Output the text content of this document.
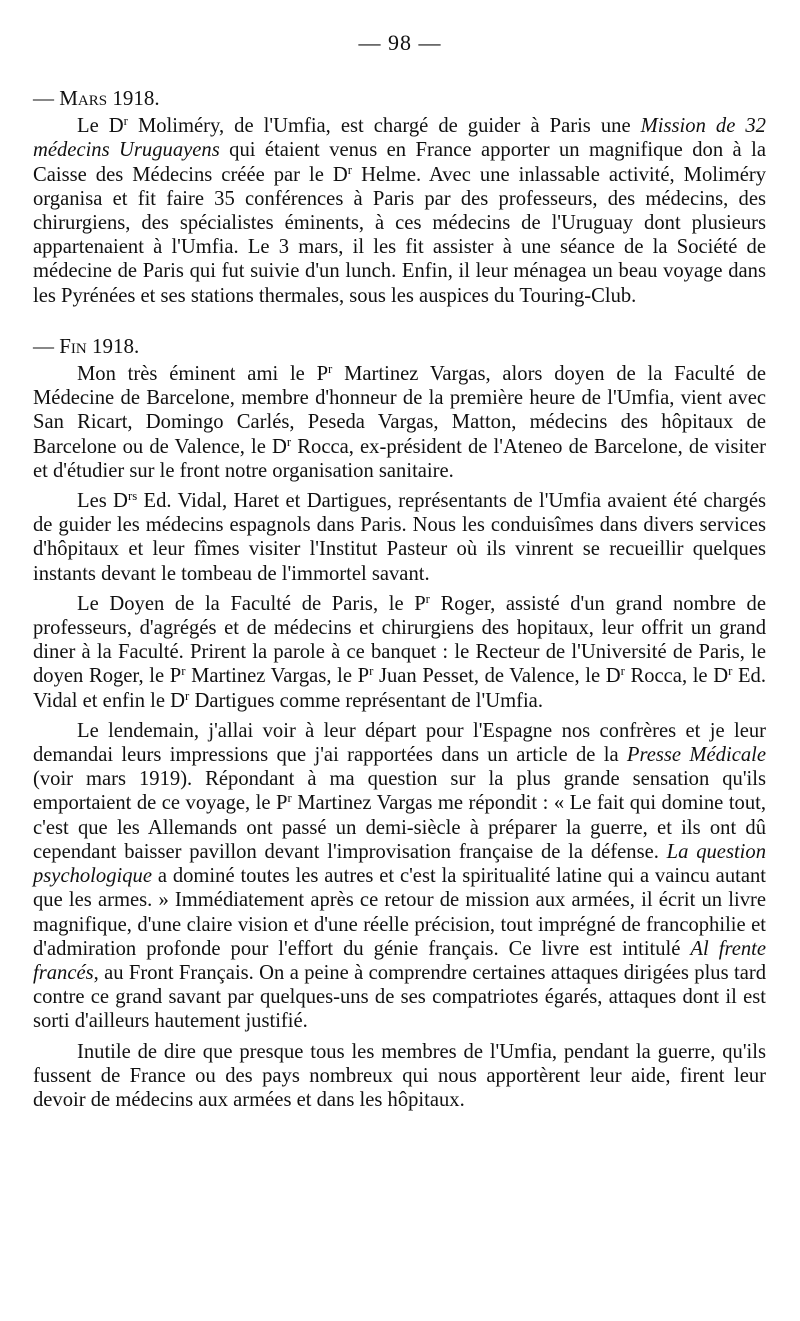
— 98 —
— Mars 1918.

Le $D^r$ Moliméry, de l'Umfia, est chargé de guider à Paris une Mission de 32 médecins Uruguayens qui étaient venus en France apporter un magnifique don à la Caisse des Médecins créée par le $D^r$ Helme. Avec une inlassable activité, Moliméry organisa et fit faire 35 conférences à Paris par des professeurs, des médecins, des chirurgiens, des spécialistes éminents, à ces médecins de l'Uruguay dont plusieurs appartenaient à l'Umfia. Le 3 mars, il les fit assister à une séance de la Société de médecine de Paris qui fut suivie d'un lunch. Enfin, il leur ménagea un beau voyage dans les Pyrénées et ses stations thermales, sous les auspices du Touring-Club.

— Fin 1918.

Mon très éminent ami le $P^r$ Martinez Vargas, alors doyen de la Faculté de Médecine de Barcelone, membre d'honneur de la première heure de l'Umfia, vient avec San Ricart, Domingo Carlés, Peseda Vargas, Matton, médecins des hôpitaux de Barcelone ou de Valence, le $D^r$ Rocca, ex-président de l'Ateneo de Barcelone, de visiter et d'étudier sur le front notre organisation sanitaire.

Les $D^{rs}$ Ed. Vidal, Haret et Dartigues, représentants de l'Umfia avaient été chargés de guider les médecins espagnols dans Paris. Nous les conduisîmes dans divers services d'hôpitaux et leur fîmes visiter l'Institut Pasteur où ils vinrent se recueillir quelques instants devant le tombeau de l'immortel savant.

Le Doyen de la Faculté de Paris, le $P^r$ Roger, assisté d'un grand nombre de professeurs, d'agrégés et de médecins et chirurgiens des hopitaux, leur offrit un grand diner à la Faculté. Prirent la parole à ce banquet : le Recteur de l'Université de Paris, le doyen Roger, le $P^r$ Martinez Vargas, le $P^r$ Juan Pesset, de Valence, le $D^r$ Rocca, le $D^r$ Ed. Vidal et enfin le $D^r$ Dartigues comme représentant de l'Umfia.

Le lendemain, j'allai voir à leur départ pour l'Espagne nos confrères et je leur demandai leurs impressions que j'ai rapportées dans un article de la Presse Médicale (voir mars 1919). Répondant à ma question sur la plus grande sensation qu'ils emportaient de ce voyage, le $P^r$ Martinez Vargas me répondit : « Le fait qui domine tout, c'est que les Allemands ont passé un demi-siècle à préparer la guerre, et ils ont dû cependant baisser pavillon devant l'improvisation française de la défense. La question psychologique a dominé toutes les autres et c'est la spiritualité latine qui a vaincu autant que les armes. » Immédiatement après ce retour de mission aux armées, il écrit un livre magnifique, d'une claire vision et d'une réelle précision, tout imprégné de francophilie et d'admiration profonde pour l'effort du génie français. Ce livre est intitulé Al frente francés, au Front Français. On a peine à comprendre certaines attaques dirigées plus tard contre ce grand savant par quelques-uns de ses compatriotes égarés, attaques dont il est sorti d'ailleurs hautement justifié.

Inutile de dire que presque tous les membres de l'Umfia, pendant la guerre, qu'ils fussent de France ou des pays nombreux qui nous apportèrent leur aide, firent leur devoir de médecins aux armées et dans les hôpitaux.
